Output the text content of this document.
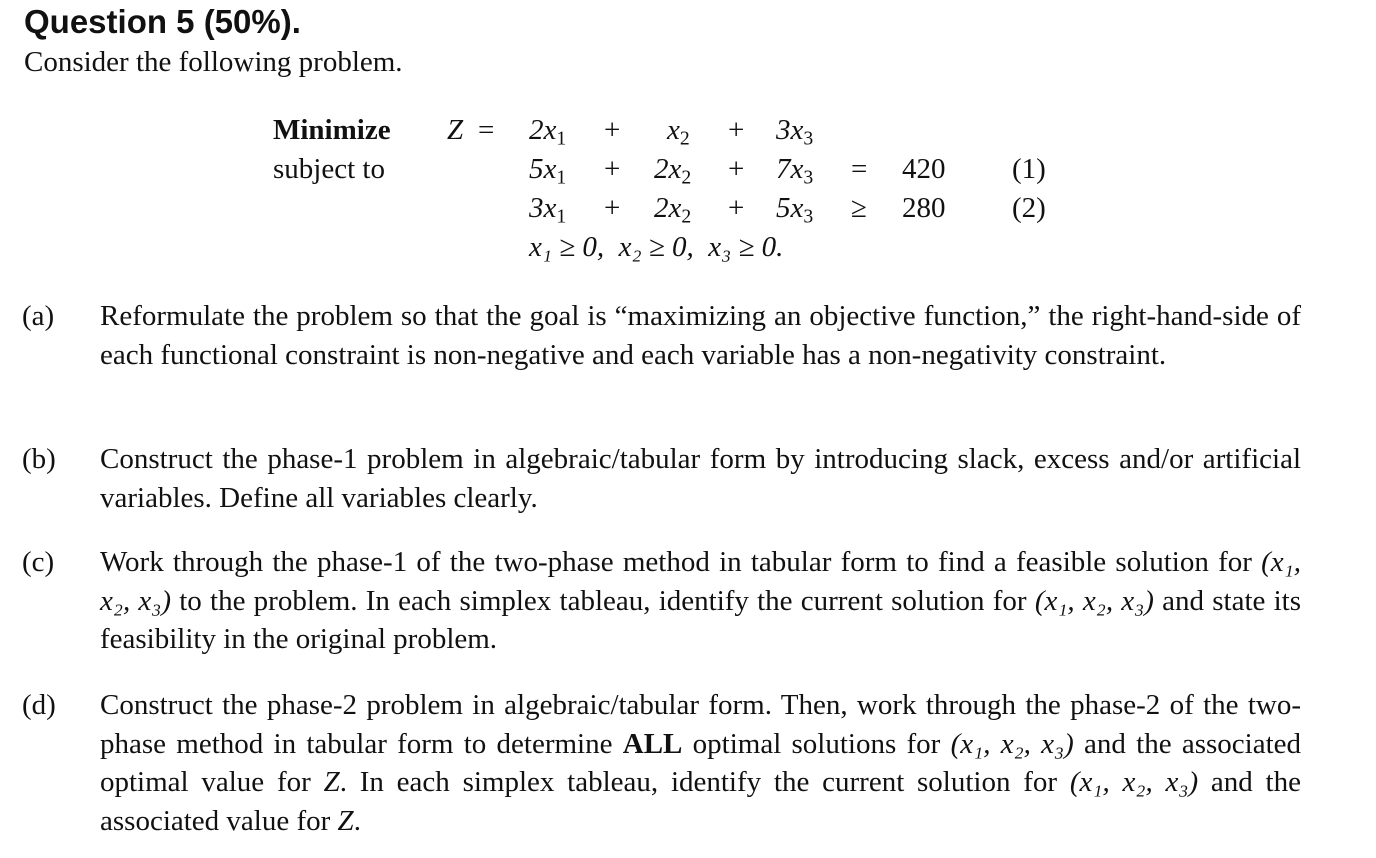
Question 5 (50%).
Consider the following problem.
Minimize $Z = 2x_1 + x_2 + 3x_3$
subject to	$5x_1 + 2x_2 + 7x_3 = 420$ (1)
$3x_1 + 2x_2 + 5x_3 \ge 280$ (2)
x₁ ≥ 0,  x₂ ≥ 0,  x₃ ≥ 0.
(a) Reformulate the problem so that the goal is “maximizing an objective function,” the right-hand-side of each functional constraint is non-negative and each variable has a non-negativity constraint.
(b) Construct the phase-1 problem in algebraic/tabular form by introducing slack, excess and/or artificial variables. Define all variables clearly.
(c) Work through the phase-1 of the two-phase method in tabular form to find a feasible solution for (x₁, x₂, x₃) to the problem. In each simplex tableau, identify the current solution for (x₁, x₂, x₃) and state its feasibility in the original problem.
(d) Construct the phase-2 problem in algebraic/tabular form. Then, work through the phase-2 of the two-phase method in tabular form to determine ALL optimal solutions for (x₁, x₂, x₃) and the associated optimal value for Z. In each simplex tableau, identify the current solution for (x₁, x₂, x₃) and the associated value for Z.
